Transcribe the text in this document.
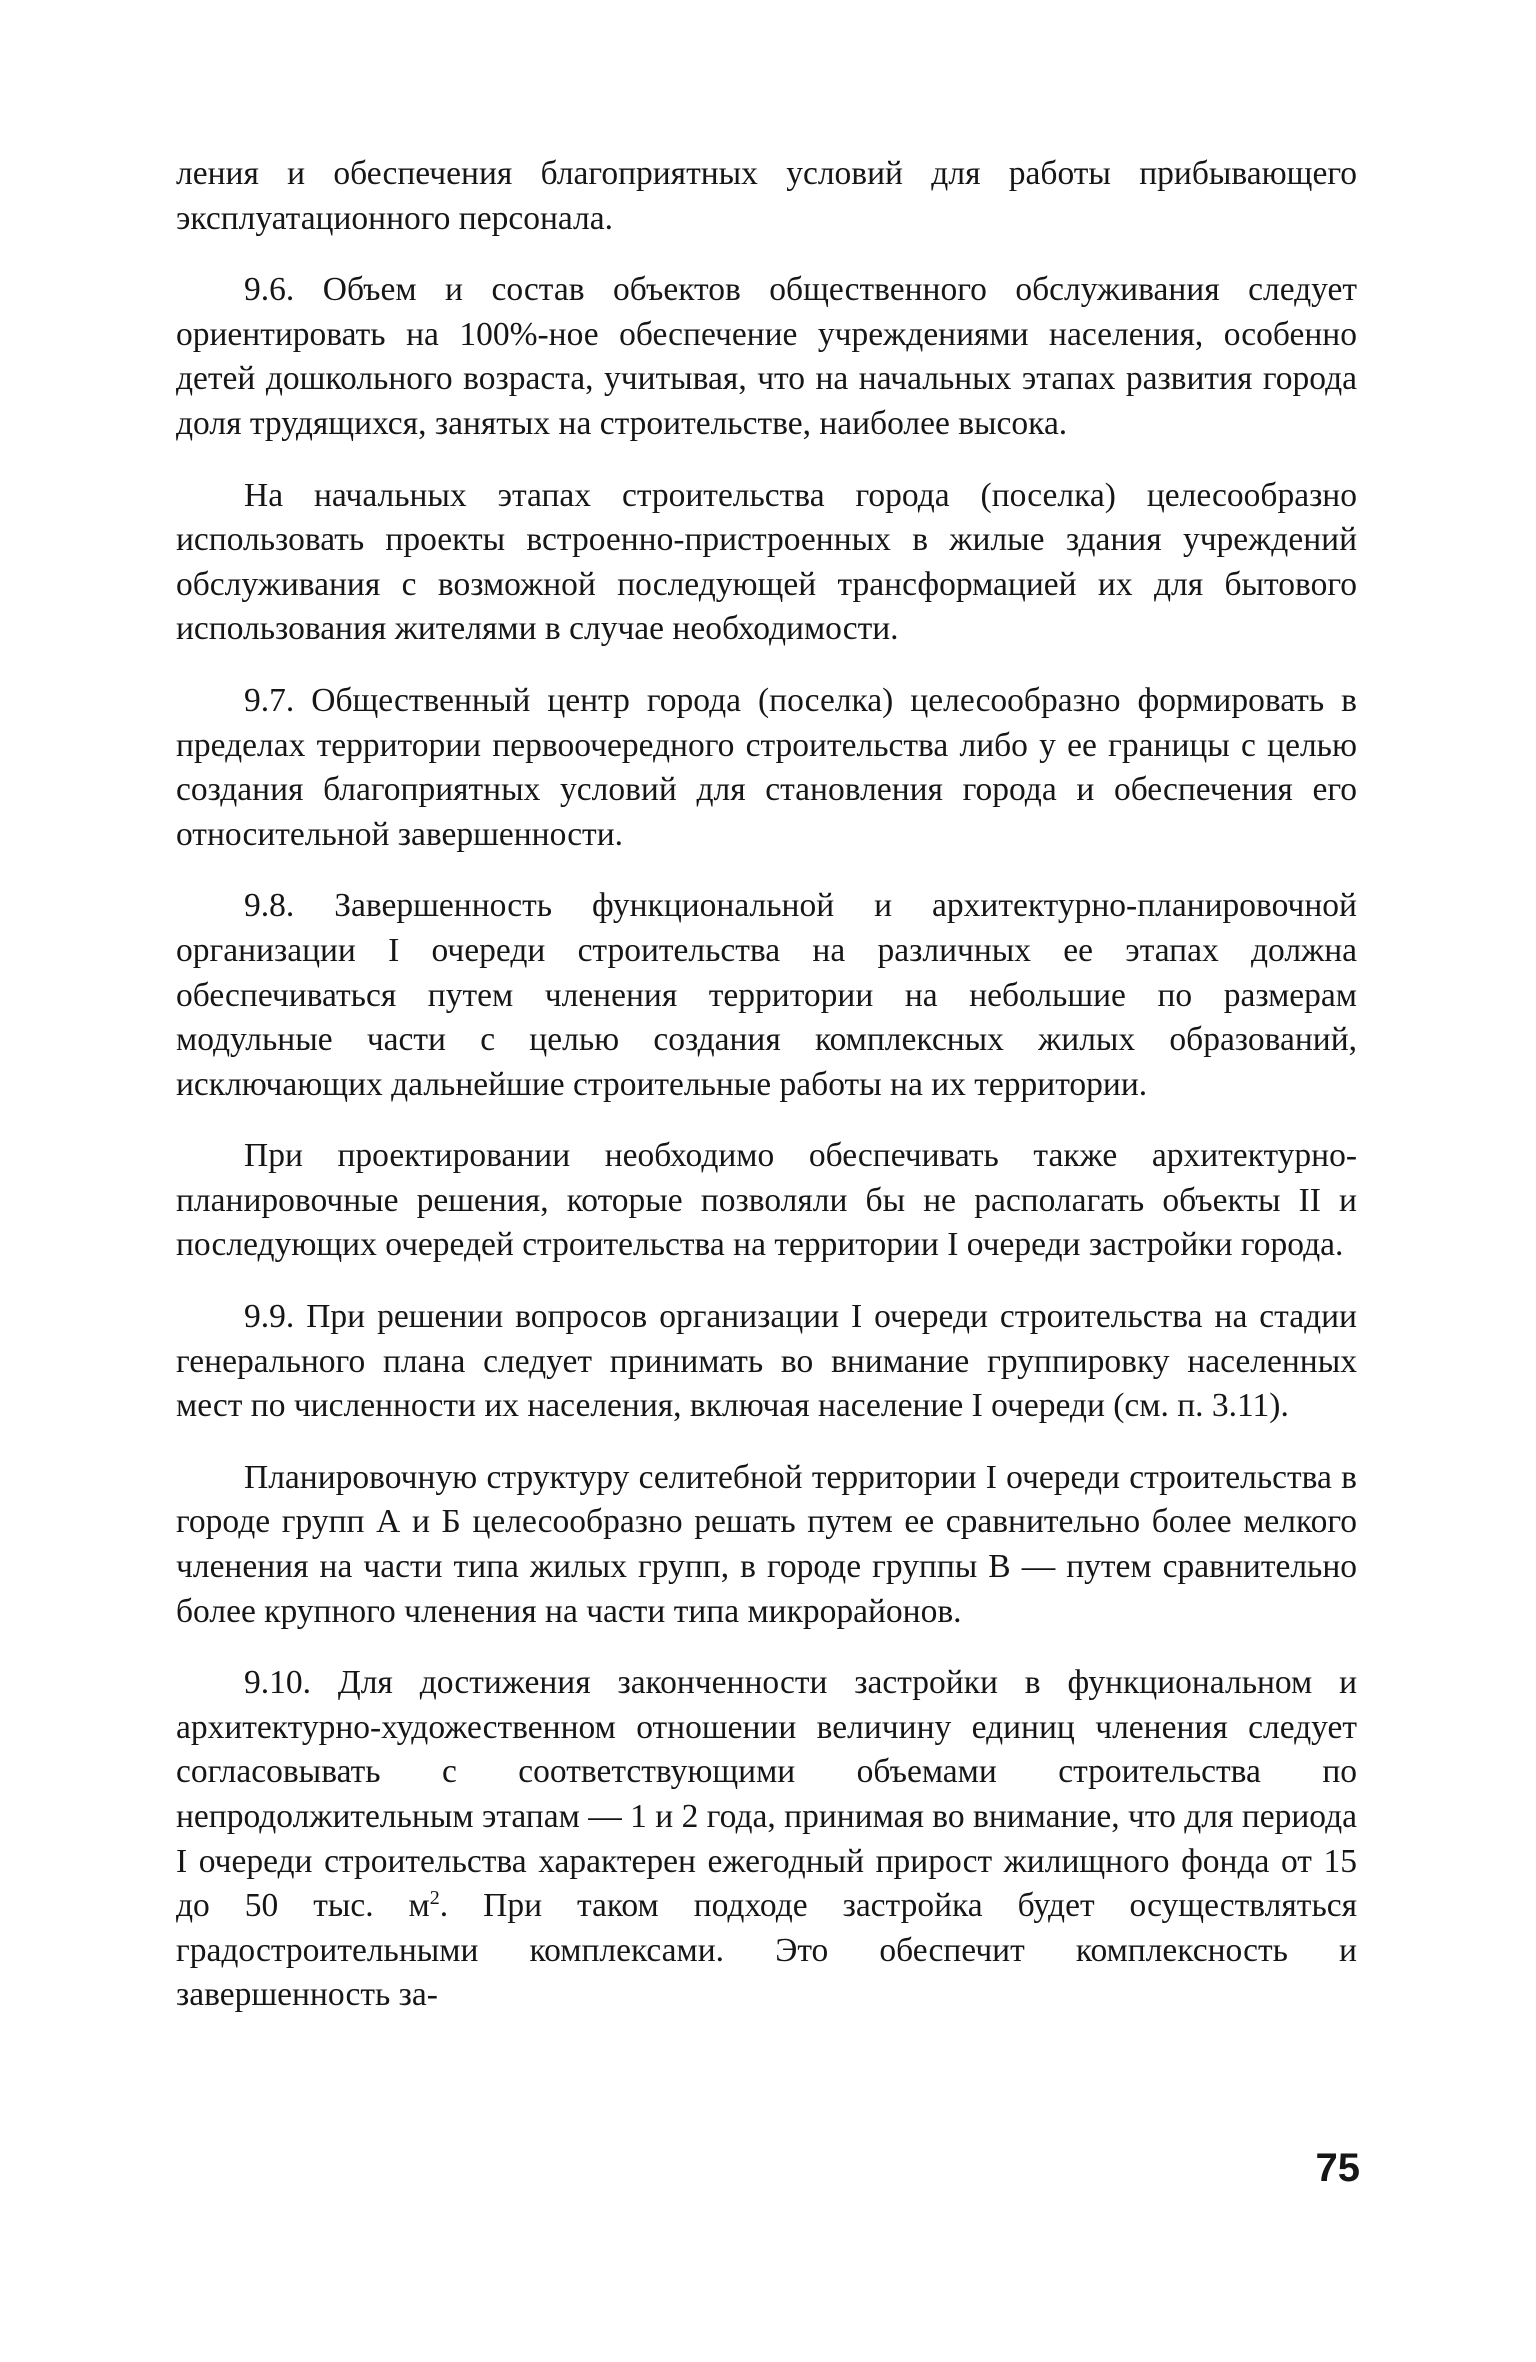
ления и обеспечения благоприятных условий для работы прибывающего эксплуатационного персонала.

9.6. Объем и состав объектов общественного обслуживания следует ориентировать на 100%-ное обеспечение учреждениями населения, особенно детей дошкольного возраста, учитывая, что на начальных этапах развития города доля трудящихся, занятых на строительстве, наиболее высока.

На начальных этапах строительства города (поселка) целесообразно использовать проекты встроенно-пристроенных в жилые здания учреждений обслуживания с возможной последующей трансформацией их для бытового использования жителями в случае необходимости.

9.7. Общественный центр города (поселка) целесообразно формировать в пределах территории первоочередного строительства либо у ее границы с целью создания благоприятных условий для становления города и обеспечения его относительной завершенности.

9.8. Завершенность функциональной и архитектурно-планировочной организации I очереди строительства на различных ее этапах должна обеспечиваться путем членения территории на небольшие по размерам модульные части с целью создания комплексных жилых образований, исключающих дальнейшие строительные работы на их территории.

При проектировании необходимо обеспечивать также архитектурно-планировочные решения, которые позволяли бы не располагать объекты II и последующих очередей строительства на территории I очереди застройки города.

9.9. При решении вопросов организации I очереди строительства на стадии генерального плана следует принимать во внимание группировку населенных мест по численности их населения, включая население I очереди (см. п. 3.11).

Планировочную структуру селитебной территории I очереди строительства в городе групп А и Б целесообразно решать путем ее сравнительно более мелкого членения на части типа жилых групп, в городе группы В — путем сравнительно более крупного членения на части типа микрорайонов.

9.10. Для достижения законченности застройки в функциональном и архитектурно-художественном отношении величину единиц членения следует согласовывать с соответствующими объемами строительства по непродолжительным этапам — 1 и 2 года, принимая во внимание, что для периода I очереди строительства характерен ежегодный прирост жилищного фонда от 15 до 50 тыс. $м^2$. При таком подходе застройка будет осуществляться градостроительными комплексами. Это обеспечит комплексность и завершенность за-

75
